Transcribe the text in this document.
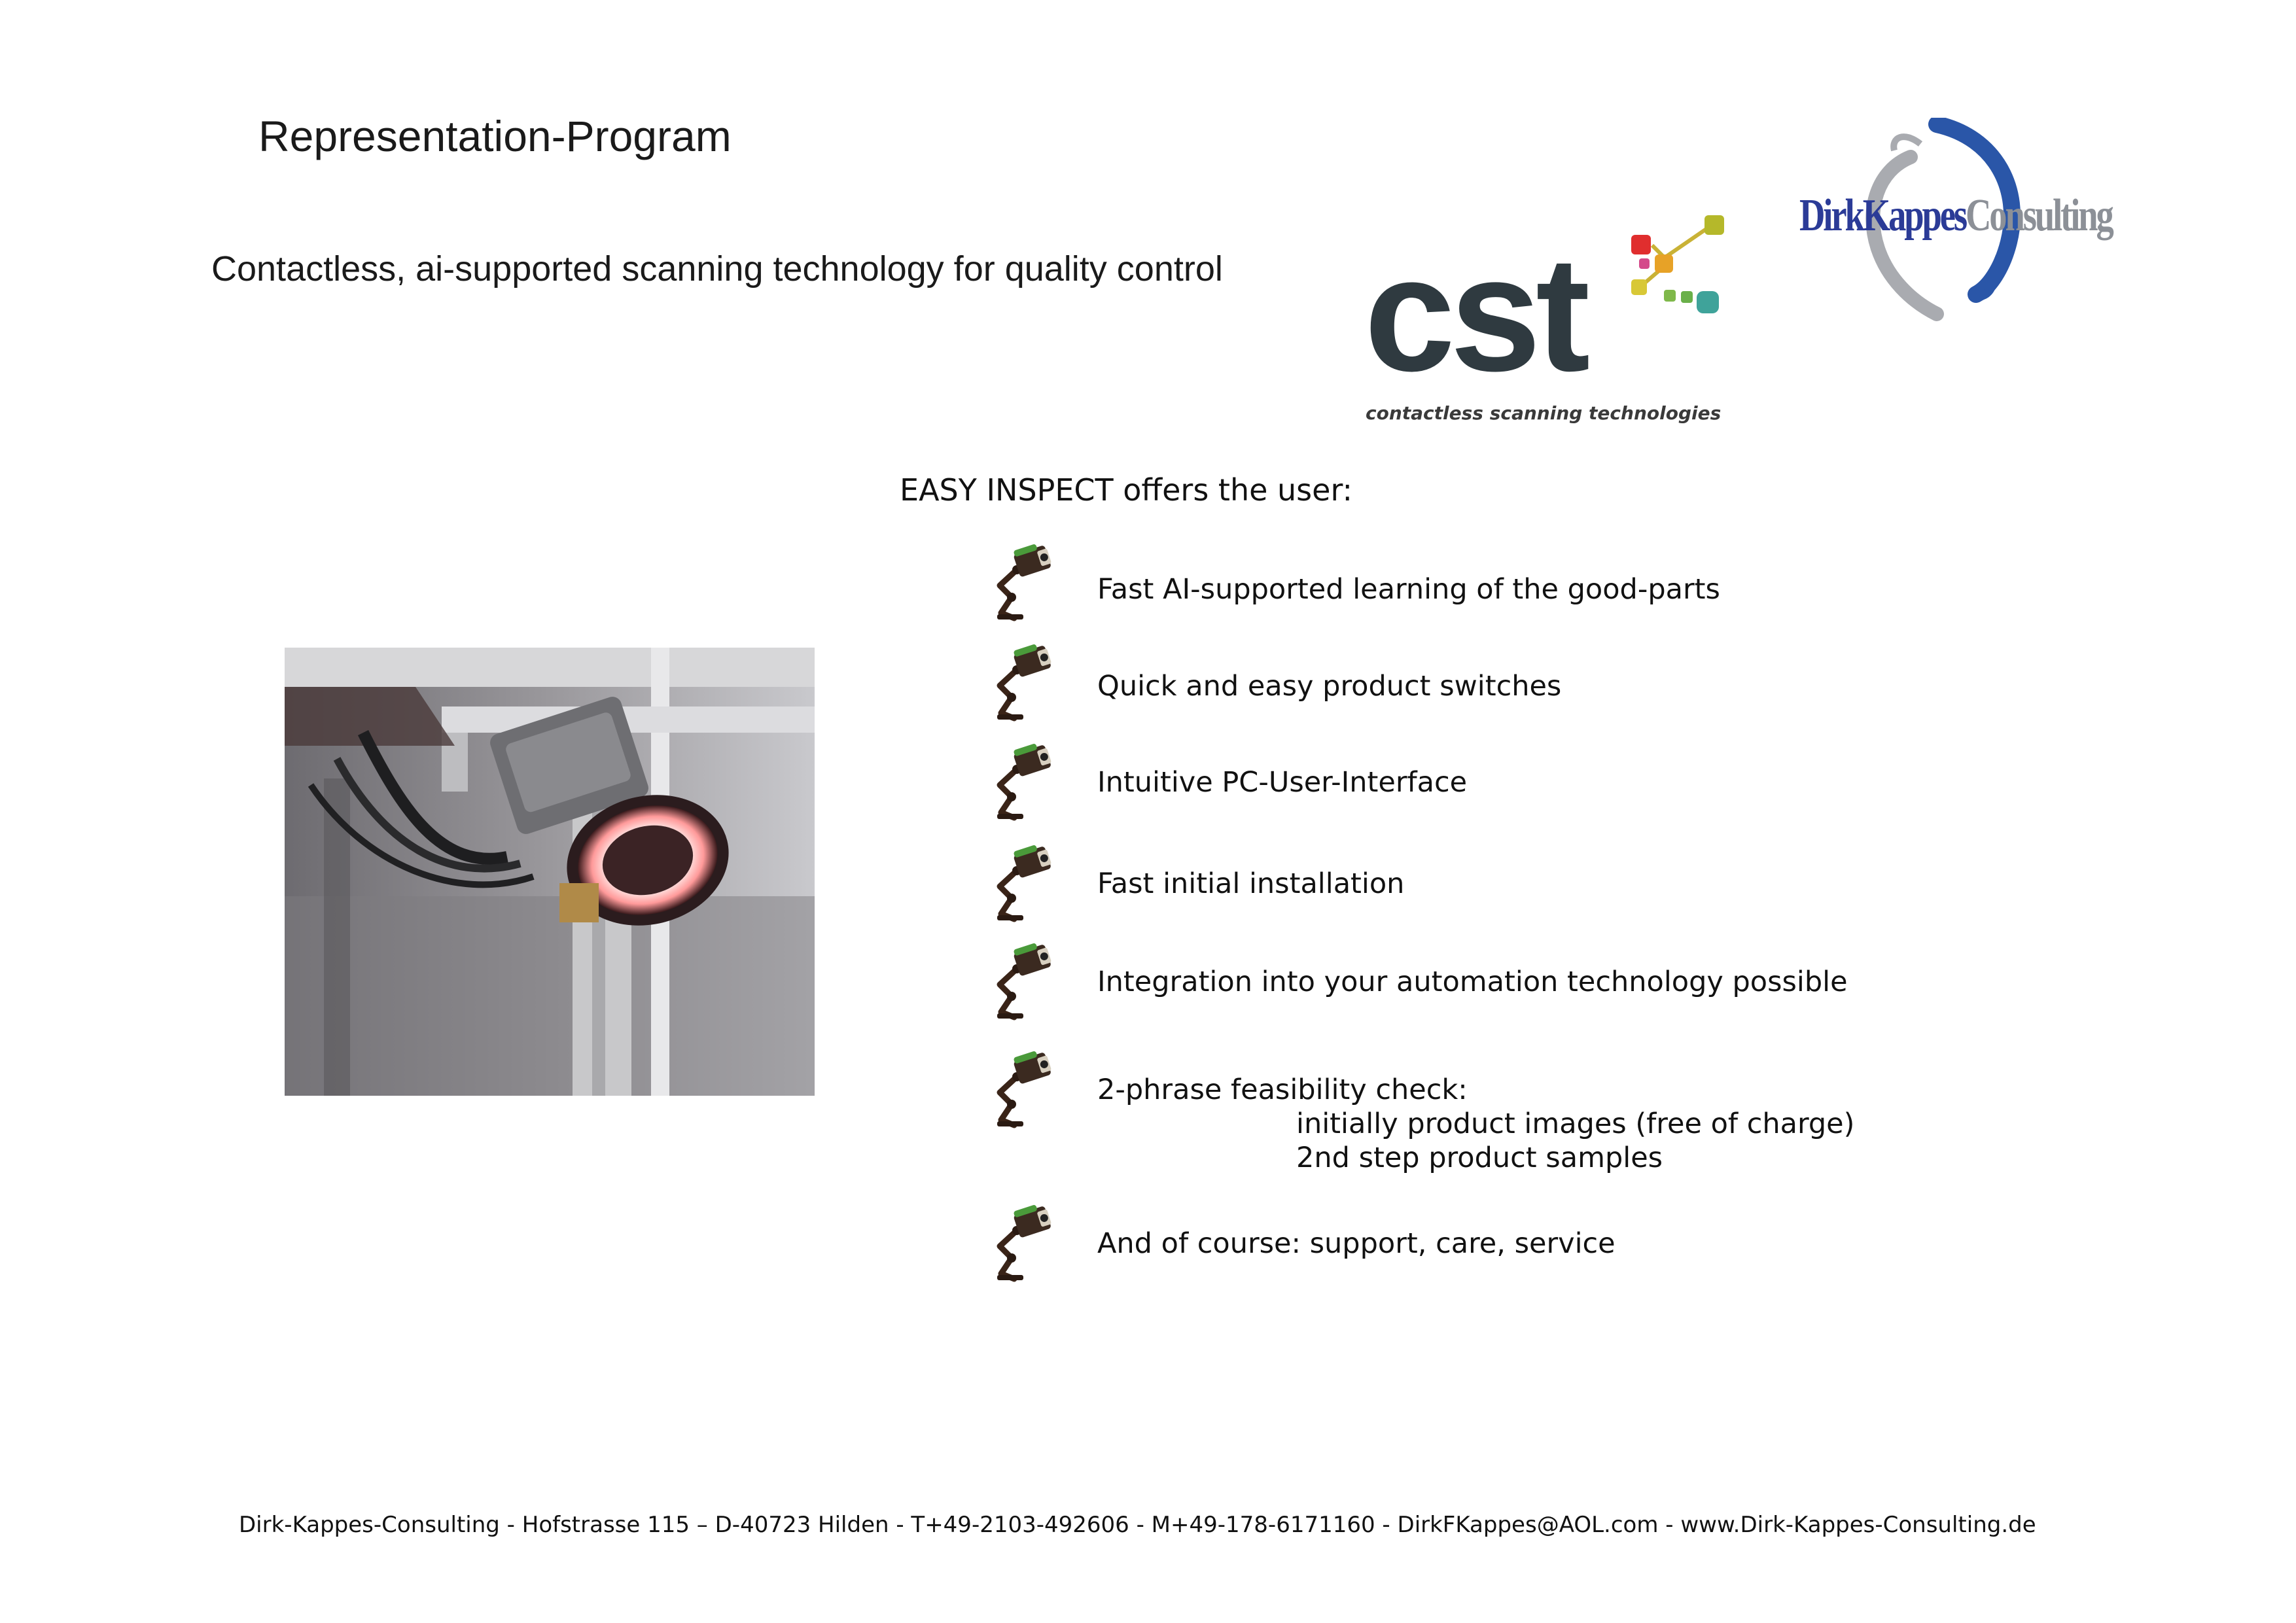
Representation-Program
Contactless, ai-supported scanning technology for quality control cst
contactless scanning technologies
DirkKappesConsulting
EASY INSPECT offers the user:
Fast AI-supported learning of the good-parts
Quick and easy product switches
Intuitive PC-User-Interface
Fast initial installation
Integration into your automation technology possible
2-phrase feasibility check:
initially product images (free of charge)
2nd step product samples
And of course: support, care, service
Dirk-Kappes-Consulting - Hofstrasse 115 – D-40723 Hilden - T+49-2103-492606 - M+49-178-6171160 - DirkFKappes@AOL.com - www.Dirk-Kappes-Consulting.de
